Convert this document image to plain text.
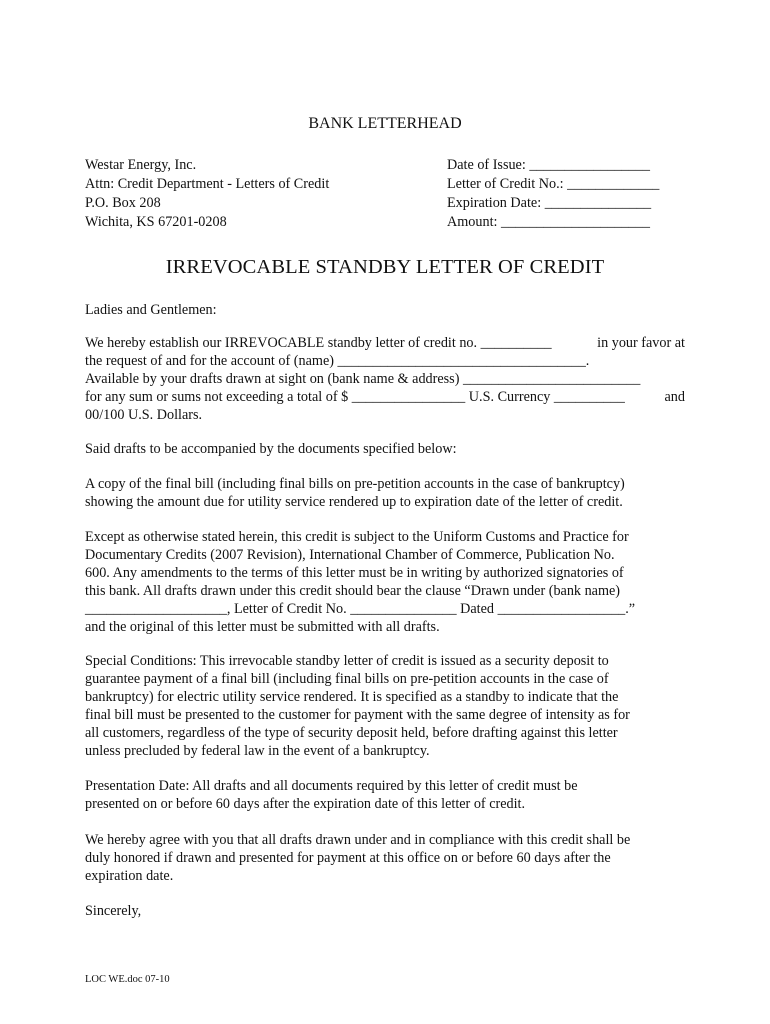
BANK LETTERHEAD
Westar Energy, Inc.
Attn: Credit Department - Letters of Credit
P.O. Box 208
Wichita, KS 67201-0208
Date of Issue: _________________
Letter of Credit No.: _____________
Expiration Date: _______________
Amount: _____________________
IRREVOCABLE STANDBY LETTER OF CREDIT
Ladies and Gentlemen:
We hereby establish our IRREVOCABLE standby letter of credit no. __________	in your favor at
the request of and for the account of (name) ___________________________________.
Available by your drafts drawn at sight on (bank name & address) _________________________
for any sum or sums not exceeding a total of $ ________________ U.S. Currency __________	and
00/100 U.S. Dollars.
Said drafts to be accompanied by the documents specified below:
A copy of the final bill (including final bills on pre-petition accounts in the case of bankruptcy)
showing the amount due for utility service rendered up to expiration date of the letter of credit.
Except as otherwise stated herein, this credit is subject to the Uniform Customs and Practice for
Documentary Credits (2007 Revision), International Chamber of Commerce, Publication No.
600. Any amendments to the terms of this letter must be in writing by authorized signatories of
this bank. All drafts drawn under this credit should bear the clause “Drawn under (bank name)
____________________, Letter of Credit No. _______________ Dated __________________.”
and the original of this letter must be submitted with all drafts.
Special Conditions: This irrevocable standby letter of credit is issued as a security deposit to
guarantee payment of a final bill (including final bills on pre-petition accounts in the case of
bankruptcy) for electric utility service rendered. It is specified as a standby to indicate that the
final bill must be presented to the customer for payment with the same degree of intensity as for
all customers, regardless of the type of security deposit held, before drafting against this letter
unless precluded by federal law in the event of a bankruptcy.
Presentation Date: All drafts and all documents required by this letter of credit must be
presented on or before 60 days after the expiration date of this letter of credit.
We hereby agree with you that all drafts drawn under and in compliance with this credit shall be
duly honored if drawn and presented for payment at this office on or before 60 days after the
expiration date.
Sincerely,
LOC WE.doc 07-10
